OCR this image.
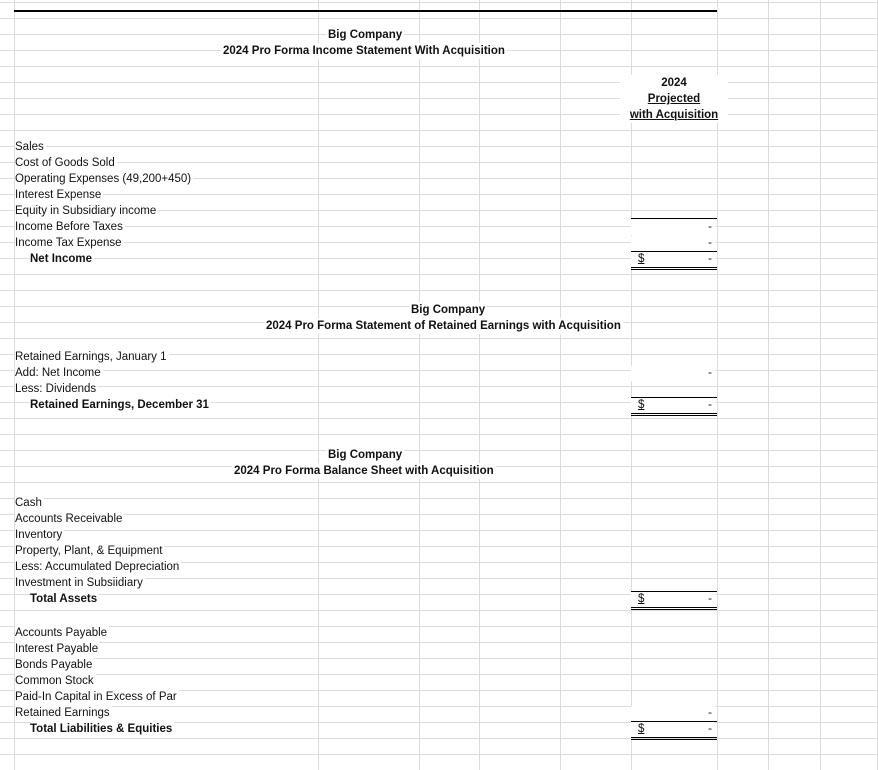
Big Company
2024 Pro Forma Income Statement With Acquisition
2024
Projected
with Acquisition
Sales
Cost of Goods Sold
Operating Expenses (49,200+450)
Interest Expense
Equity in Subsidiary income
Income Before Taxes
Income Tax Expense
Net Income
-
-
-
$
Big Company
2024 Pro Forma Statement of Retained Earnings with Acquisition
Retained Earnings, January 1
Add: Net Income
Less: Dividends
Retained Earnings, December 31
-
-
$
Big Company
2024 Pro Forma Balance Sheet with Acquisition
Cash
Accounts Receivable
Inventory
Property, Plant, & Equipment
Less: Accumulated Depreciation
Investment in Subsiidiary
Total Assets	-
$
Accounts Payable
Interest Payable
Bonds Payable
Common Stock
Paid-In Capital in Excess of Par
Retained Earnings
Total Liabilities & Equities
-
-
$
